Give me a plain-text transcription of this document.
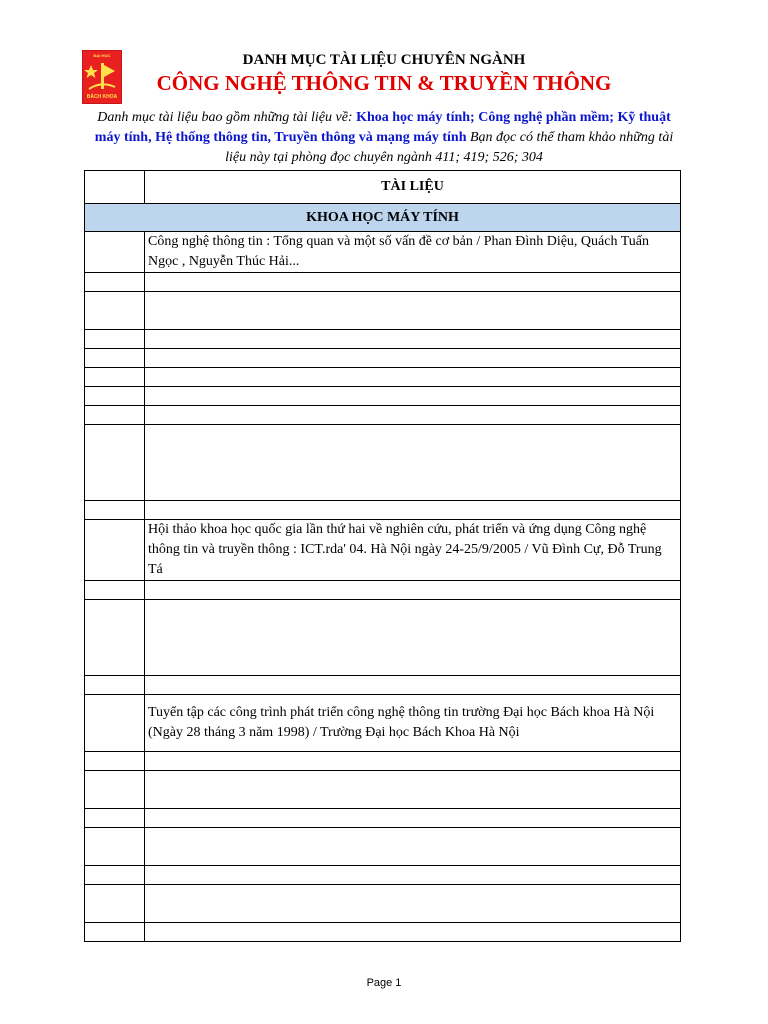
ĐẠI HỌC
BÁCH KHOA
DANH MỤC TÀI LIỆU CHUYÊN NGÀNH
CÔNG NGHỆ THÔNG TIN & TRUYỀN THÔNG
Danh mục tài liệu bao gồm những tài liệu về: Khoa học máy tính; Công nghệ phần mềm; Kỹ thuật máy tính, Hệ thống thông tin, Truyền thông và mạng máy tính Bạn đọc có thể tham khảo những tài liệu này tại phòng đọc chuyên ngành 411; 419; 526; 304
	TÀI LIỆU
KHOA HỌC MÁY TÍNH	
	Công nghệ thông tin : Tổng quan và một số vấn đề cơ bản / Phan Đình Diệu, Quách Tuấn Ngọc , Nguyễn Thúc Hải...

	Hội thảo khoa học quốc gia lần thứ hai về nghiên cứu, phát triển và ứng dụng Công nghệ thông tin và truyền thông : ICT.rda' 04. Hà Nội ngày 24-25/9/2005 / Vũ Đình Cự, Đỗ Trung Tá

	Tuyển tập các công trình phát triển công nghệ thông tin trường Đại học Bách khoa Hà Nội (Ngày 28 tháng 3 năm 1998) / Trường Đại học Bách Khoa Hà Nội

Page 1
